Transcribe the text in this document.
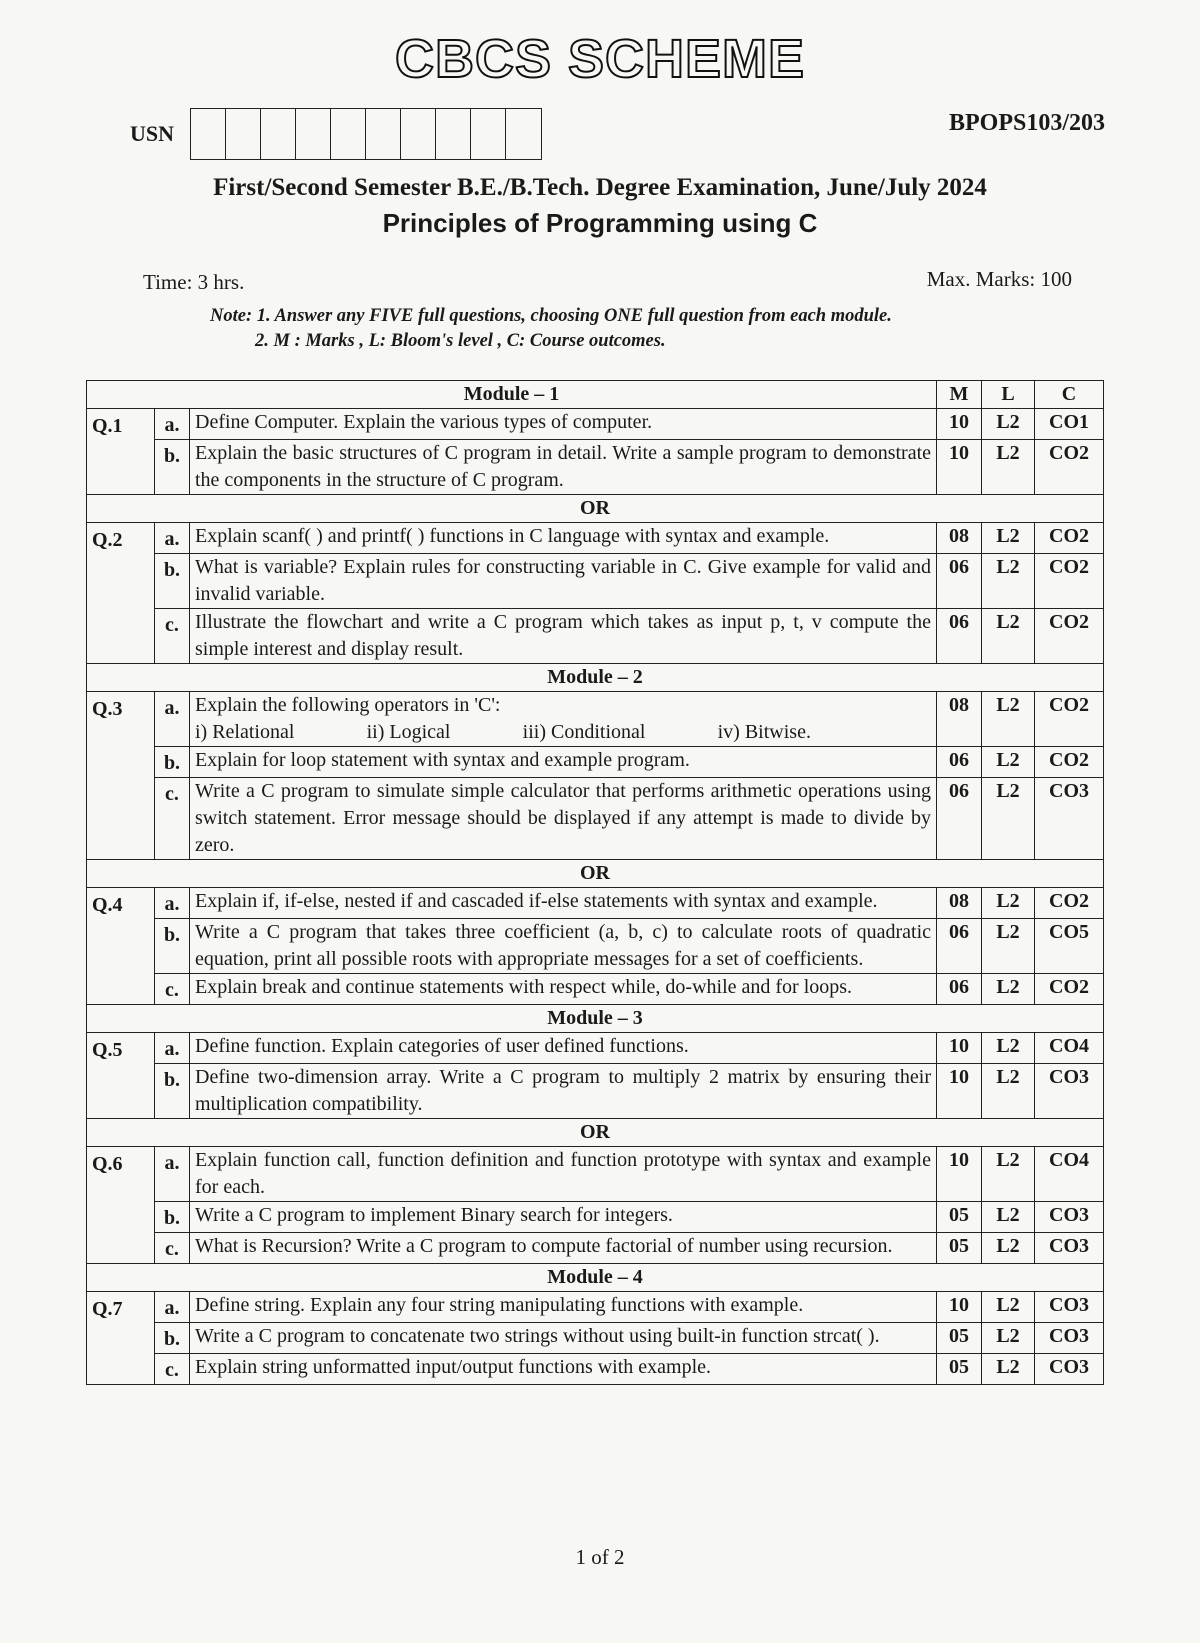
CBCS SCHEME
USN	BPOPS103/203
First/Second Semester B.E./B.Tech. Degree Examination, June/July 2024
Principles of Programming using C
Time: 3 hrs.	Max. Marks: 100
Note: 1. Answer any FIVE full questions, choosing ONE full question from each module.
2. M : Marks , L: Bloom's level , C: Course outcomes.
Module – 1			M	L	C
Q.1	a.	Define Computer. Explain the various types of computer.	10	L2	CO1
	b.	Explain the basic structures of C program in detail. Write a sample program to demonstrate the components in the structure of C program.	10	L2	CO2
OR					
Q.2	a.	Explain scanf( ) and printf( ) functions in C language with syntax and example.	08	L2	CO2
	b.	What is variable? Explain rules for constructing variable in C. Give example for valid and invalid variable.	06	L2	CO2
	c.	Illustrate the flowchart and write a C program which takes as input p, t, v compute the simple interest and display result.	06	L2	CO2
Module – 2					
Q.3	a.	Explain the following operators in 'C':
i) Relational ii) Logical iii) Conditional iv) Bitwise.	08	L2	CO2
	b.	Explain for loop statement with syntax and example program.	06	L2	CO2
	c.	Write a C program to simulate simple calculator that performs arithmetic operations using switch statement. Error message should be displayed if any attempt is made to divide by zero.	06	L2	CO3
OR					
Q.4	a.	Explain if, if-else, nested if and cascaded if-else statements with syntax and example.	08	L2	CO2
	b.	Write a C program that takes three coefficient (a, b, c) to calculate roots of quadratic equation, print all possible roots with appropriate messages for a set of coefficients.	06	L2	CO5
	c.	Explain break and continue statements with respect while, do-while and for loops.	06	L2	CO2
Module – 3					
Q.5	a.	Define function. Explain categories of user defined functions.	10	L2	CO4
	b.	Define two-dimension array. Write a C program to multiply 2 matrix by ensuring their multiplication compatibility.	10	L2	CO3
OR					
Q.6	a.	Explain function call, function definition and function prototype with syntax and example for each.	10	L2	CO4
	b.	Write a C program to implement Binary search for integers.	05	L2	CO3
	c.	What is Recursion? Write a C program to compute factorial of number using recursion.	05	L2	CO3
Module – 4					
Q.7	a.	Define string. Explain any four string manipulating functions with example.	10	L2	CO3
	b.	Write a C program to concatenate two strings without using built-in function strcat( ).	05	L2	CO3
	c.	Explain string unformatted input/output functions with example.	05	L2	CO3
1 of 2
